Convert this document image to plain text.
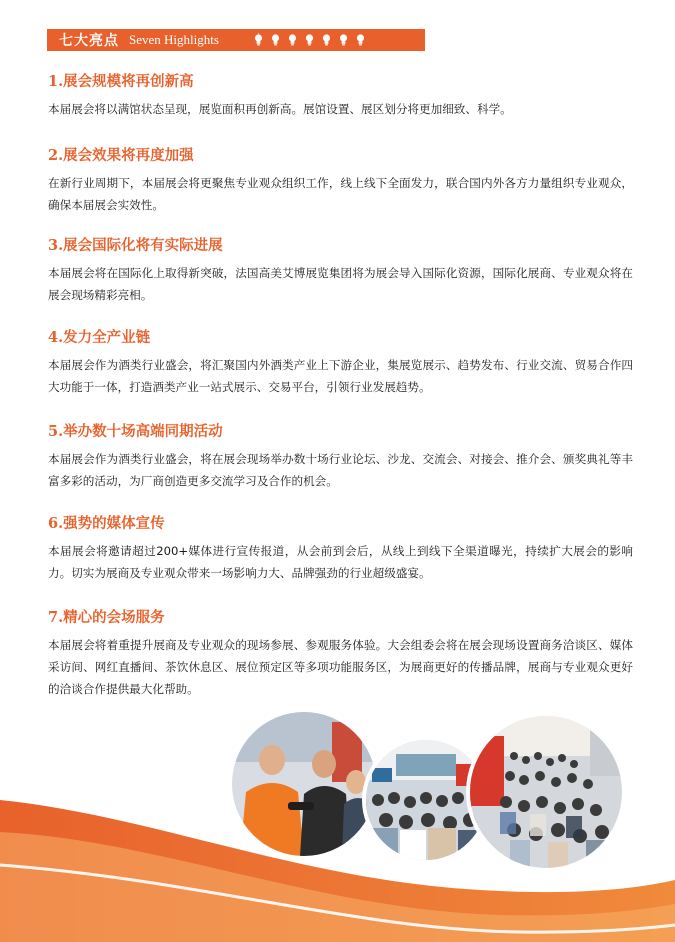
七大亮点 Seven Highlights
1.展会规模将再创新高

本届展会将以满馆状态呈现，展览面积再创新高。展馆设置、展区划分将更加细致、科学。

2.展会效果将再度加强

在新行业周期下，本届展会将更聚焦专业观众组织工作，线上线下全面发力，联合国内外各方力量组织专业观众，确保本届展会实效性。

3.展会国际化将有实际进展

本届展会将在国际化上取得新突破，法国高美艾博展览集团将为展会导入国际化资源，国际化展商、专业观众将在展会现场精彩亮相。

4.发力全产业链

本届展会作为酒类行业盛会，将汇聚国内外酒类产业上下游企业，集展览展示、趋势发布、行业交流、贸易合作四大功能于一体，打造酒类产业一站式展示、交易平台，引领行业发展趋势。

5.举办数十场高端同期活动

本届展会作为酒类行业盛会，将在展会现场举办数十场行业论坛、沙龙、交流会、对接会、推介会、颁奖典礼等丰富多彩的活动，为厂商创造更多交流学习及合作的机会。

6.强势的媒体宣传

本届展会将邀请超过200+媒体进行宣传报道，从会前到会后，从线上到线下全渠道曝光，持续扩大展会的影响力。切实为展商及专业观众带来一场影响力大、品牌强劲的行业超级盛宴。

7.精心的会场服务

本届展会将着重提升展商及专业观众的现场参展、参观服务体验。大会组委会将在展会现场设置商务洽谈区、媒体采访间、网红直播间、茶饮休息区、展位预定区等多项功能服务区，为展商更好的传播品牌，展商与专业观众更好的洽谈合作提供最大化帮助。
